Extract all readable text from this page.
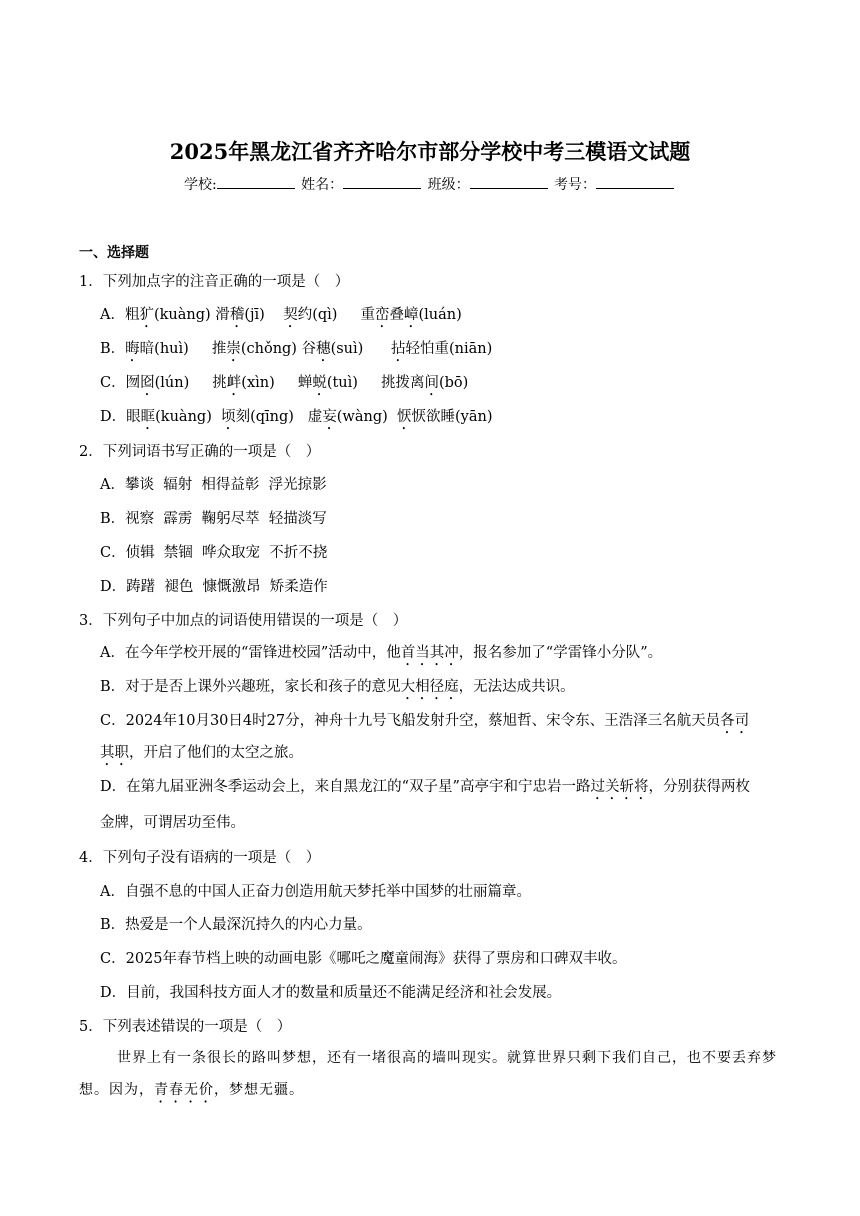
2025年黑龙江省齐齐哈尔市部分学校中考三模语文试题
学校:	姓名：	班级：	考号：
一、选择题
1．下列加点字的注音正确的一项是（　）
A．粗犷(kuàng) 滑稽(jī)    契约(qì)     重峦叠嶂(luán)
B．晦暗(huì)     推崇(chǒng) 谷穗(suì)      拈轻怕重(niān)
C．囫囵(lún)     挑衅(xìn)     蝉蜕(tuì)     挑拨离间(bō)
D．眼眶(kuàng)  顷刻(qīng)   虚妄(wàng)  恹恹欲睡(yān)
2．下列词语书写正确的一项是（　）
A．攀谈  辐射  相得益彰  浮光掠影
B．视察  霹雳  鞠躬尽萃  轻描淡写
C．侦辑  禁锢  哗众取宠  不折不挠
D．踌躇  褪色  慷慨激昂  矫柔造作
3．下列句子中加点的词语使用错误的一项是（　）
A．在今年学校开展的“雷锋进校园”活动中，他首当其冲，报名参加了“学雷锋小分队”。
B．对于是否上课外兴趣班，家长和孩子的意见大相径庭，无法达成共识。
C．2024年10月30日4时27分，神舟十九号飞船发射升空，蔡旭哲、宋令东、王浩泽三名航天员各司
其职，开启了他们的太空之旅。
D．在第九届亚洲冬季运动会上，来自黑龙江的“双子星”高亭宇和宁忠岩一路过关斩将，分别获得两枚
金牌，可谓居功至伟。
4．下列句子没有语病的一项是（　）
A．自强不息的中国人正奋力创造用航天梦托举中国梦的壮丽篇章。
B．热爱是一个人最深沉持久的内心力量。
C．2025年春节档上映的动画电影《哪吒之魔童闹海》获得了票房和口碑双丰收。
D．目前，我国科技方面人才的数量和质量还不能满足经济和社会发展。
5．下列表述错误的一项是（　）
世界上有一条很长的路叫梦想，还有一堵很高的墙叫现实。就算世界只剩下我们自己，也不要丢弃梦
想。因为，青春无价，梦想无疆。
